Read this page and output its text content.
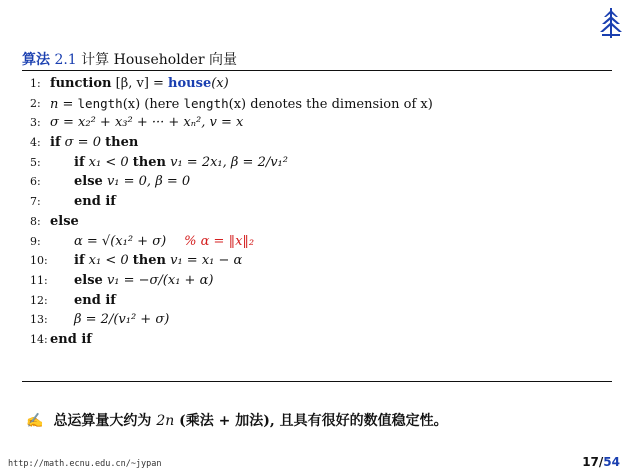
算法 2.1 计算 Householder 向量
1: function [β, v] = house(x)
2: n = length(x) (here length(x) denotes the dimension of x)
3: σ = x₂² + x₃² + ··· + xₙ², v = x
4: if σ = 0 then
5:	if x₁ < 0 then v₁ = 2x₁, β = 2/v₁²
6:	else v₁ = 0, β = 0
7:	end if
8: else
9:	α = √(x₁² + σ) % α = ‖x‖₂
10: if x₁ < 0 then v₁ = x₁ − α
11: else v₁ = −σ/(x₁ + α)
12: end if
13: β = 2/(v₁² + σ)
14: end if
✍ 总运算量大约为 2n (乘法 + 加法), 且具有很好的数值稳定性。
http://math.ecnu.edu.cn/~jypan	17/54
